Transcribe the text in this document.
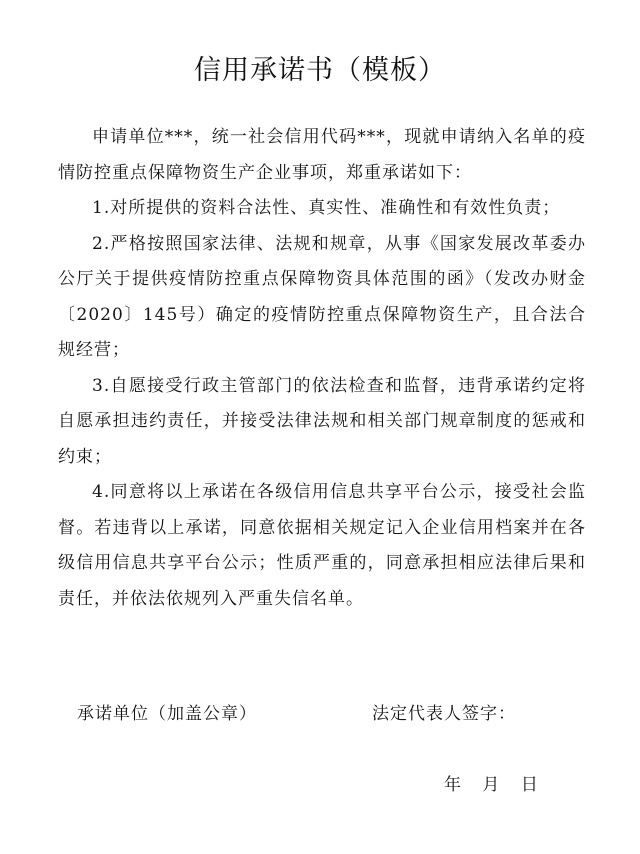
信用承诺书（模板）

申请单位***，统一社会信用代码***，现就申请纳入名单的疫情防控重点保障物资生产企业事项，郑重承诺如下：

1.对所提供的资料合法性、真实性、准确性和有效性负责；

2.严格按照国家法律、法规和规章，从事《国家发展改革委办公厅关于提供疫情防控重点保障物资具体范围的函》（发改办财金〔2020〕145号）确定的疫情防控重点保障物资生产，且合法合规经营；

3.自愿接受行政主管部门的依法检查和监督，违背承诺约定将自愿承担违约责任，并接受法律法规和相关部门规章制度的惩戒和约束；

4.同意将以上承诺在各级信用信息共享平台公示，接受社会监督。若违背以上承诺，同意依据相关规定记入企业信用档案并在各级信用信息共享平台公示；性质严重的，同意承担相应法律后果和责任，并依法依规列入严重失信名单。

承诺单位（加盖公章）	法定代表人签字：
年 月 日
